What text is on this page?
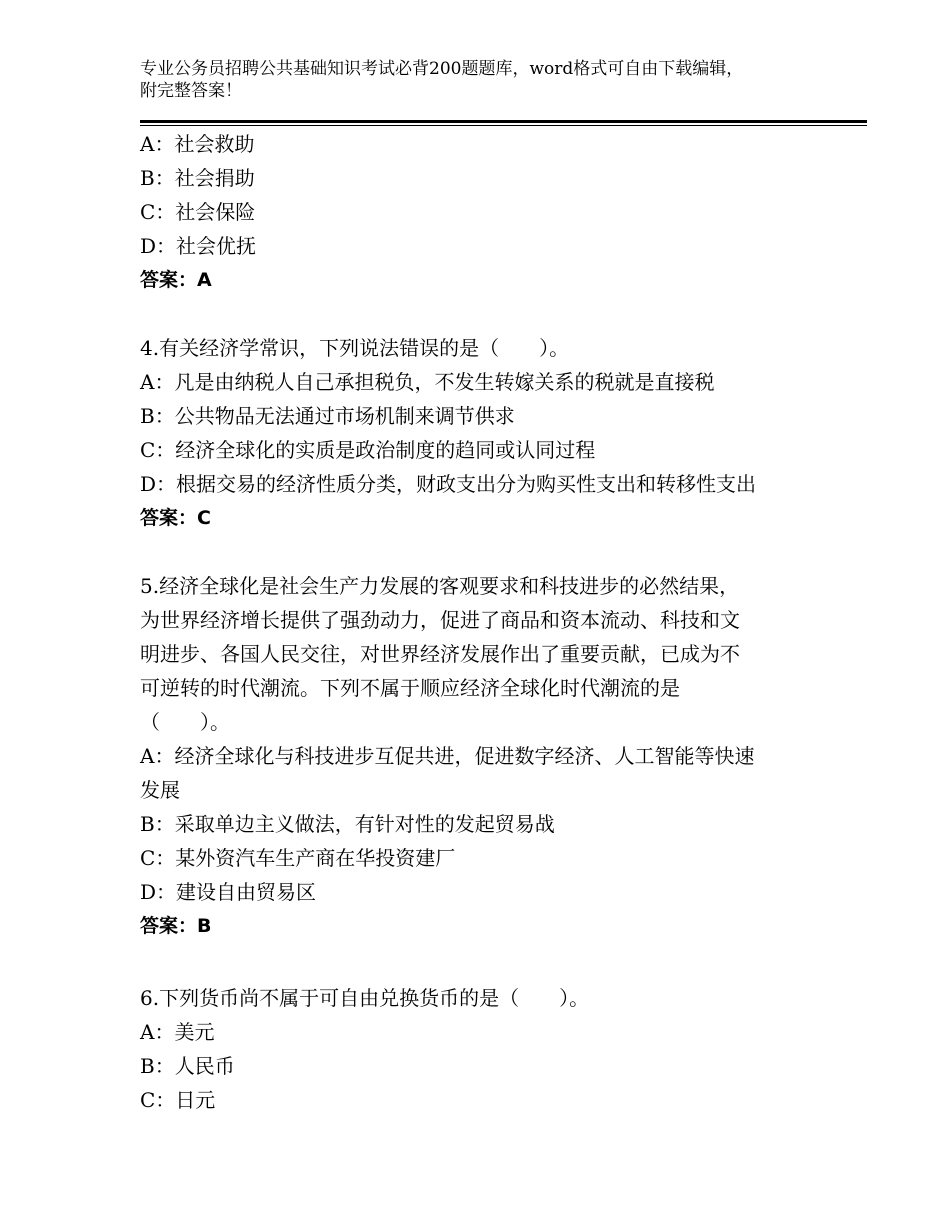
专业公务员招聘公共基础知识考试必背200题题库，word格式可自由下载编辑，
附完整答案！
A：社会救助
B：社会捐助
C：社会保险
D：社会优抚
答案：A
4.有关经济学常识，下列说法错误的是（　　）。
A：凡是由纳税人自己承担税负，不发生转嫁关系的税就是直接税
B：公共物品无法通过市场机制来调节供求
C：经济全球化的实质是政治制度的趋同或认同过程
D：根据交易的经济性质分类，财政支出分为购买性支出和转移性支出
答案：C
5.经济全球化是社会生产力发展的客观要求和科技进步的必然结果，
为世界经济增长提供了强劲动力，促进了商品和资本流动、科技和文
明进步、各国人民交往，对世界经济发展作出了重要贡献，已成为不
可逆转的时代潮流。下列不属于顺应经济全球化时代潮流的是
（　　）。
A：经济全球化与科技进步互促共进，促进数字经济、人工智能等快速
发展
B：采取单边主义做法，有针对性的发起贸易战
C：某外资汽车生产商在华投资建厂
D：建设自由贸易区
答案：B
6.下列货币尚不属于可自由兑换货币的是（　　）。
A：美元
B：人民币
C：日元
